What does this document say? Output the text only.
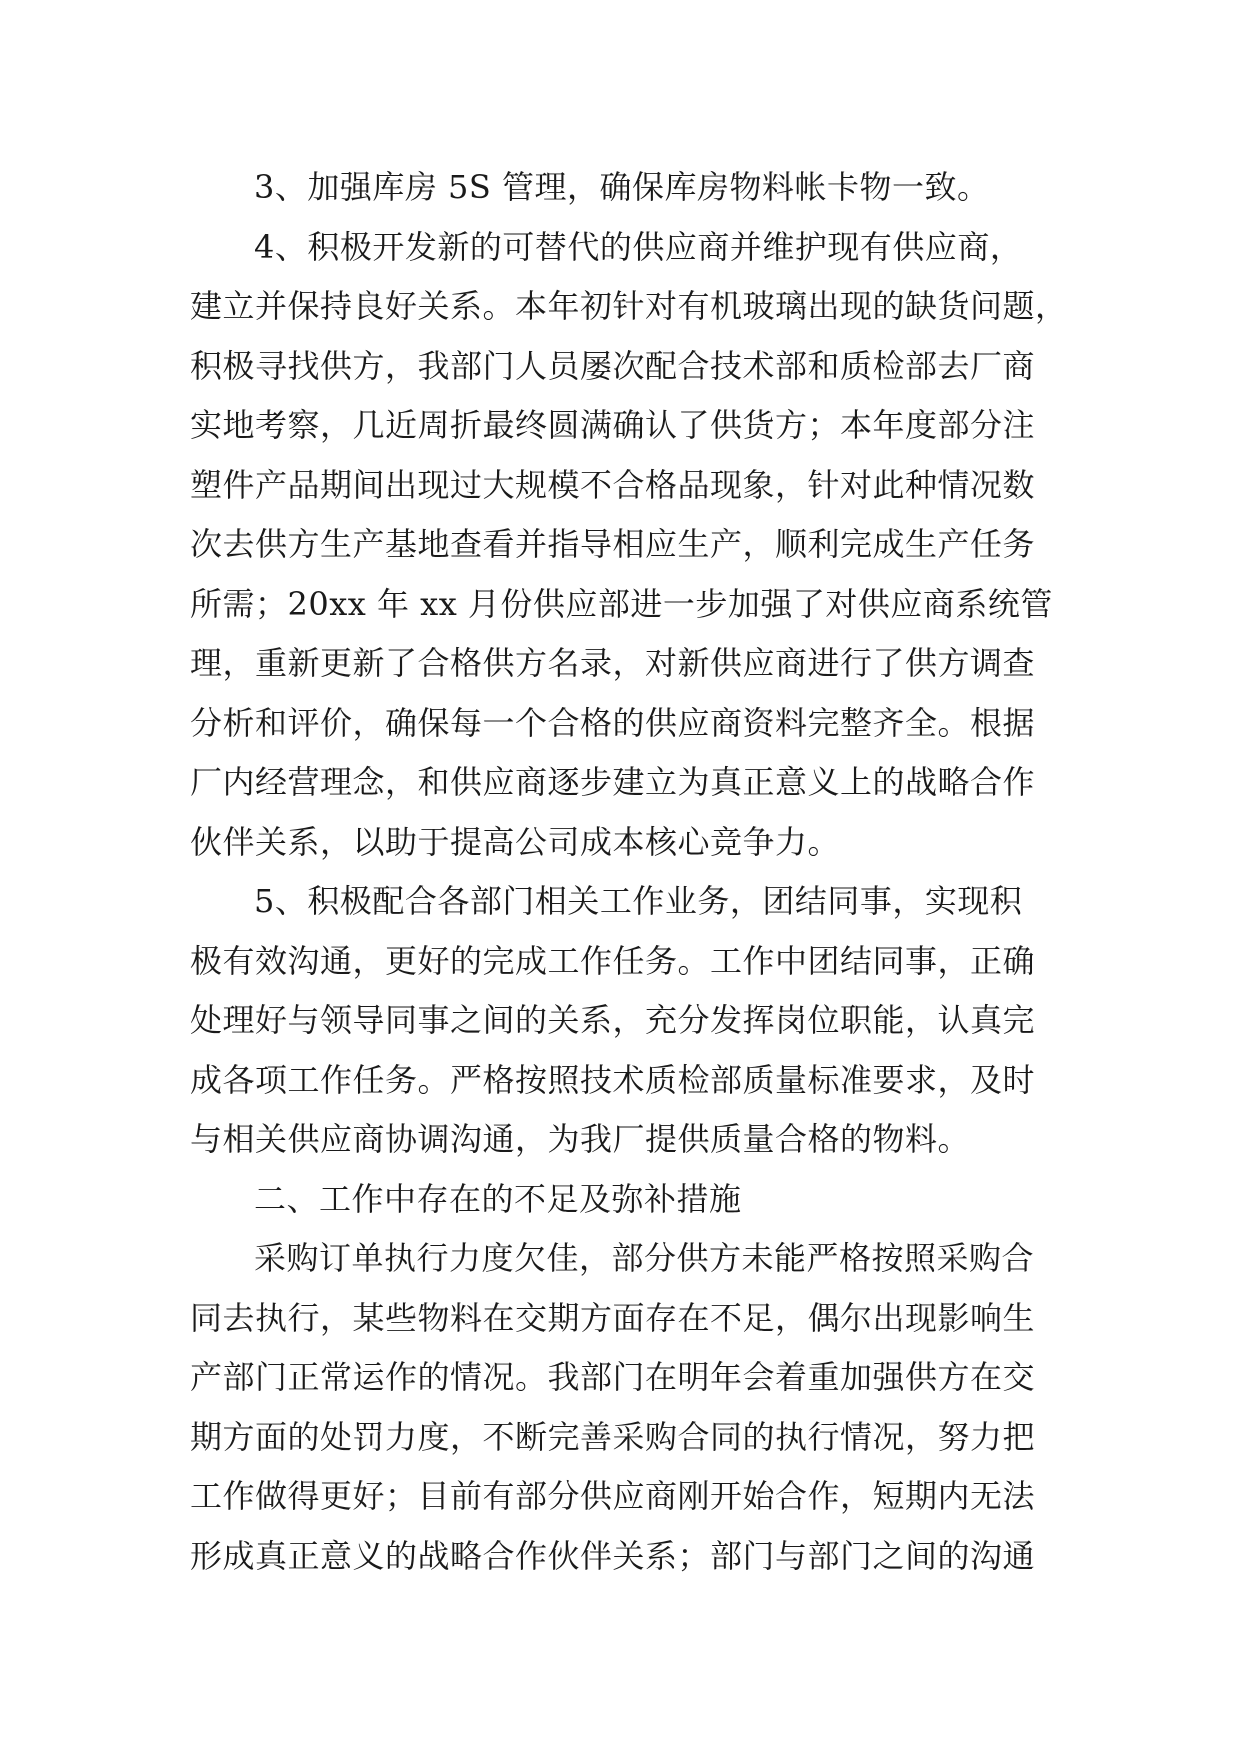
3、加强库房 5S 管理，确保库房物料帐卡物一致。

4、积极开发新的可替代的供应商并维护现有供应商，
建立并保持良好关系。本年初针对有机玻璃出现的缺货问题，
积极寻找供方，我部门人员屡次配合技术部和质检部去厂商
实地考察，几近周折最终圆满确认了供货方；本年度部分注
塑件产品期间出现过大规模不合格品现象，针对此种情况数
次去供方生产基地查看并指导相应生产，顺利完成生产任务
所需；20xx 年 xx 月份供应部进一步加强了对供应商系统管
理，重新更新了合格供方名录，对新供应商进行了供方调查
分析和评价，确保每一个合格的供应商资料完整齐全。根据
厂内经营理念，和供应商逐步建立为真正意义上的战略合作
伙伴关系，以助于提高公司成本核心竞争力。

5、积极配合各部门相关工作业务，团结同事，实现积
极有效沟通，更好的完成工作任务。工作中团结同事，正确
处理好与领导同事之间的关系，充分发挥岗位职能，认真完
成各项工作任务。严格按照技术质检部质量标准要求，及时
与相关供应商协调沟通，为我厂提供质量合格的物料。

二、工作中存在的不足及弥补措施

采购订单执行力度欠佳，部分供方未能严格按照采购合
同去执行，某些物料在交期方面存在不足，偶尔出现影响生
产部门正常运作的情况。我部门在明年会着重加强供方在交
期方面的处罚力度，不断完善采购合同的执行情况，努力把
工作做得更好；目前有部分供应商刚开始合作，短期内无法
形成真正意义的战略合作伙伴关系；部门与部门之间的沟通
